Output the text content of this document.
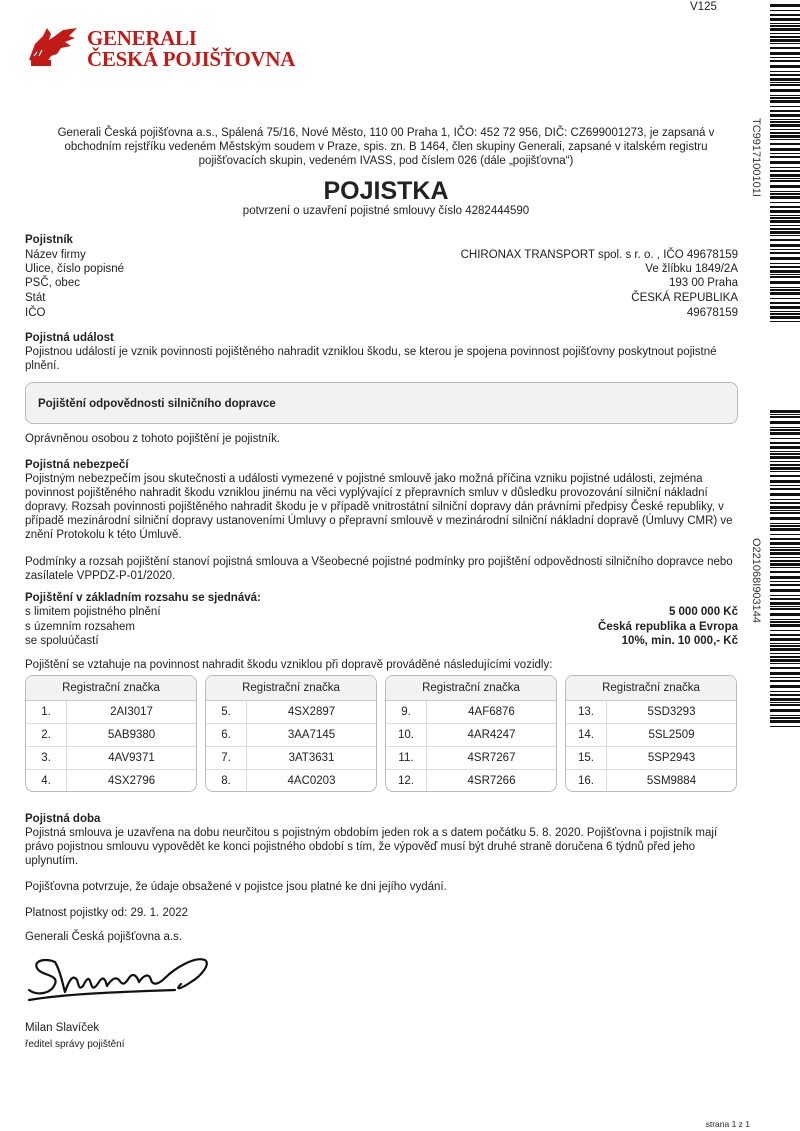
V125
GENERALI
ČESKÁ POJIŠŤOVNA
TC9917100101I
O221068I903144
Generali Česká pojišťovna a.s., Spálená 75/16, Nové Město, 110 00 Praha 1, IČO: 452 72 956, DIČ: CZ699001273, je zapsaná v obchodním rejstříku vedeném Městským soudem v Praze, spis. zn. B 1464, člen skupiny Generali, zapsané v italském registru pojišťovacích skupin, vedeném IVASS, pod číslem 026 (dále „pojišťovna“)
POJISTKA
potvrzení o uzavření pojistné smlouvy číslo 4282444590
Pojistník
Název firmy	CHIRONAX TRANSPORT spol. s r. o. , IČO 49678159
Ulice, číslo popisné	Ve žlíbku 1849/2A
PSČ, obec	193 00 Praha
Stát	ČESKÁ REPUBLIKA
IČO	49678159
Pojistná událost
Pojistnou událostí je vznik povinnosti pojištěného nahradit vzniklou škodu, se kterou je spojena povinnost pojišťovny poskytnout pojistné plnění.
Pojištění odpovědnosti silničního dopravce
Oprávněnou osobou z tohoto pojištění je pojistník.
Pojistná nebezpečí
Pojistným nebezpečím jsou skutečnosti a události vymezené v pojistné smlouvě jako možná příčina vzniku pojistné události, zejména povinnost pojištěného nahradit škodu vzniklou jinému na věci vyplývající z přepravních smluv v důsledku provozování silniční nákladní dopravy. Rozsah povinnosti pojištěného nahradit škodu je v případě vnitrostátní silniční dopravy dán právními předpisy České republiky, v případě mezinárodní silniční dopravy ustanoveními Úmluvy o přepravní smlouvě v mezinárodní silniční nákladní dopravě (Úmluvy CMR) ve znění Protokolu k této Úmluvě.
Podmínky a rozsah pojištění stanoví pojistná smlouva a Všeobecné pojistné podmínky pro pojištění odpovědnosti silničního dopravce nebo zasílatele VPPDZ-P-01/2020.
Pojištění v základním rozsahu se sjednává:
s limitem pojistného plnění	5 000 000 Kč
s územním rozsahem	Česká republika a Evropa
se spoluúčastí	10%, min. 10 000,- Kč
Pojištění se vztahuje na povinnost nahradit škodu vzniklou při dopravě prováděné následujícími vozidly:
Registrační značka
1.	2AI3017
2.	5AB9380
3.	4AV9371
4.	4SX2796
Registrační značka
5.	4SX2897
6.	3AA7145
7.	3AT3631
8.	4AC0203
Registrační značka
9.	4AF6876
10.	4AR4247
11.	4SR7267
12.	4SR7266
Registrační značka
13.	5SD3293
14.	5SL2509
15.	5SP2943
16.	5SM9884
Pojistná doba
Pojistná smlouva je uzavřena na dobu neurčitou s pojistným obdobím jeden rok a s datem počátku 5. 8. 2020. Pojišťovna i pojistník mají právo pojistnou smlouvu vypovědět ke konci pojistného období s tím, že výpověď musí být druhé straně doručena 6 týdnů před jeho uplynutím.
Pojišťovna potvrzuje, že údaje obsažené v pojistce jsou platné ke dni jejího vydání.
Platnost pojistky od: 29. 1. 2022
Generali Česká pojišťovna a.s.
Milan Slavíček
ředitel správy pojištění
strana 1 z 1
